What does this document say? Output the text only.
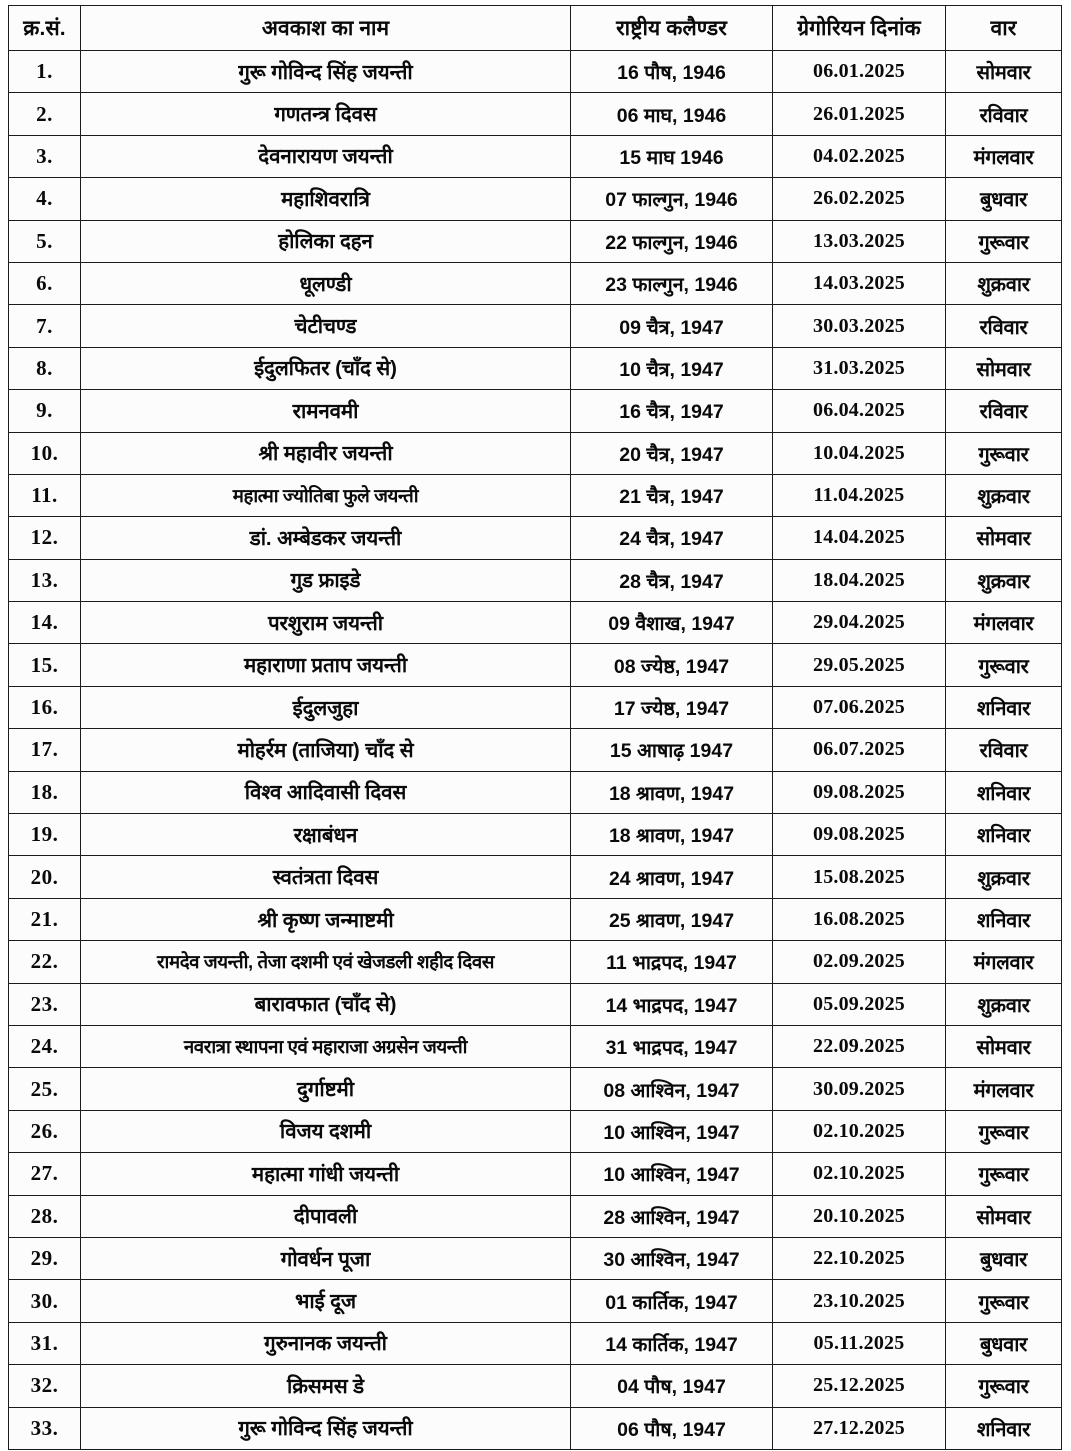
क्र.सं.	अवकाश का नाम	राष्ट्रीय कलैण्डर	ग्रेगोरियन दिनांक	वार
1.	गुरू गोविन्द सिंह जयन्ती	16 पौष, 1946	06.01.2025	सोमवार
2.	गणतन्त्र दिवस	06 माघ, 1946	26.01.2025	रविवार
3.	देवनारायण जयन्ती	15 माघ 1946	04.02.2025	मंगलवार
4.	महाशिवरात्रि	07 फाल्गुन, 1946	26.02.2025	बुधवार
5.	होलिका दहन	22 फाल्गुन, 1946	13.03.2025	गुरूवार
6.	धूलण्डी	23 फाल्गुन, 1946	14.03.2025	शुक्रवार
7.	चेटीचण्ड	09 चैत्र, 1947	30.03.2025	रविवार
8.	ईदुलफितर (चाँद से)	10 चैत्र, 1947	31.03.2025	सोमवार
9.	रामनवमी	16 चैत्र, 1947	06.04.2025	रविवार
10.	श्री महावीर जयन्ती	20 चैत्र, 1947	10.04.2025	गुरूवार
11.	महात्मा ज्योतिबा फुले जयन्ती	21 चैत्र, 1947	11.04.2025	शुक्रवार
12.	डां. अम्बेडकर जयन्ती	24 चैत्र, 1947	14.04.2025	सोमवार
13.	गुड फ्राइडे	28 चैत्र, 1947	18.04.2025	शुक्रवार
14.	परशुराम जयन्ती	09 वैशाख, 1947	29.04.2025	मंगलवार
15.	महाराणा प्रताप जयन्ती	08 ज्येष्ठ, 1947	29.05.2025	गुरूवार
16.	ईदुलजुहा	17 ज्येष्ठ, 1947	07.06.2025	शनिवार
17.	मोहर्रम (ताजिया) चाँद से	15 आषाढ़ 1947	06.07.2025	रविवार
18.	विश्व आदिवासी दिवस	18 श्रावण, 1947	09.08.2025	शनिवार
19.	रक्षाबंधन	18 श्रावण, 1947	09.08.2025	शनिवार
20.	स्वतंत्रता दिवस	24 श्रावण, 1947	15.08.2025	शुक्रवार
21.	श्री कृष्ण जन्माष्टमी	25 श्रावण, 1947	16.08.2025	शनिवार
22.	रामदेव जयन्ती, तेजा दशमी एवं खेजडली शहीद दिवस	11 भाद्रपद, 1947	02.09.2025	मंगलवार
23.	बारावफात (चाँद से)	14 भाद्रपद, 1947	05.09.2025	शुक्रवार
24.	नवरात्रा स्थापना एवं महाराजा अग्रसेन जयन्ती	31 भाद्रपद, 1947	22.09.2025	सोमवार
25.	दुर्गाष्टमी	08 आश्विन, 1947	30.09.2025	मंगलवार
26.	विजय दशमी	10 आश्विन, 1947	02.10.2025	गुरूवार
27.	महात्मा गांधी जयन्ती	10 आश्विन, 1947	02.10.2025	गुरूवार
28.	दीपावली	28 आश्विन, 1947	20.10.2025	सोमवार
29.	गोवर्धन पूजा	30 आश्विन, 1947	22.10.2025	बुधवार
30.	भाई दूज	01 कार्तिक, 1947	23.10.2025	गुरूवार
31.	गुरुनानक जयन्ती	14 कार्तिक, 1947	05.11.2025	बुधवार
32.	क्रिसमस डे	04 पौष, 1947	25.12.2025	गुरूवार
33.	गुरू गोविन्द सिंह जयन्ती	06 पौष, 1947	27.12.2025	शनिवार
